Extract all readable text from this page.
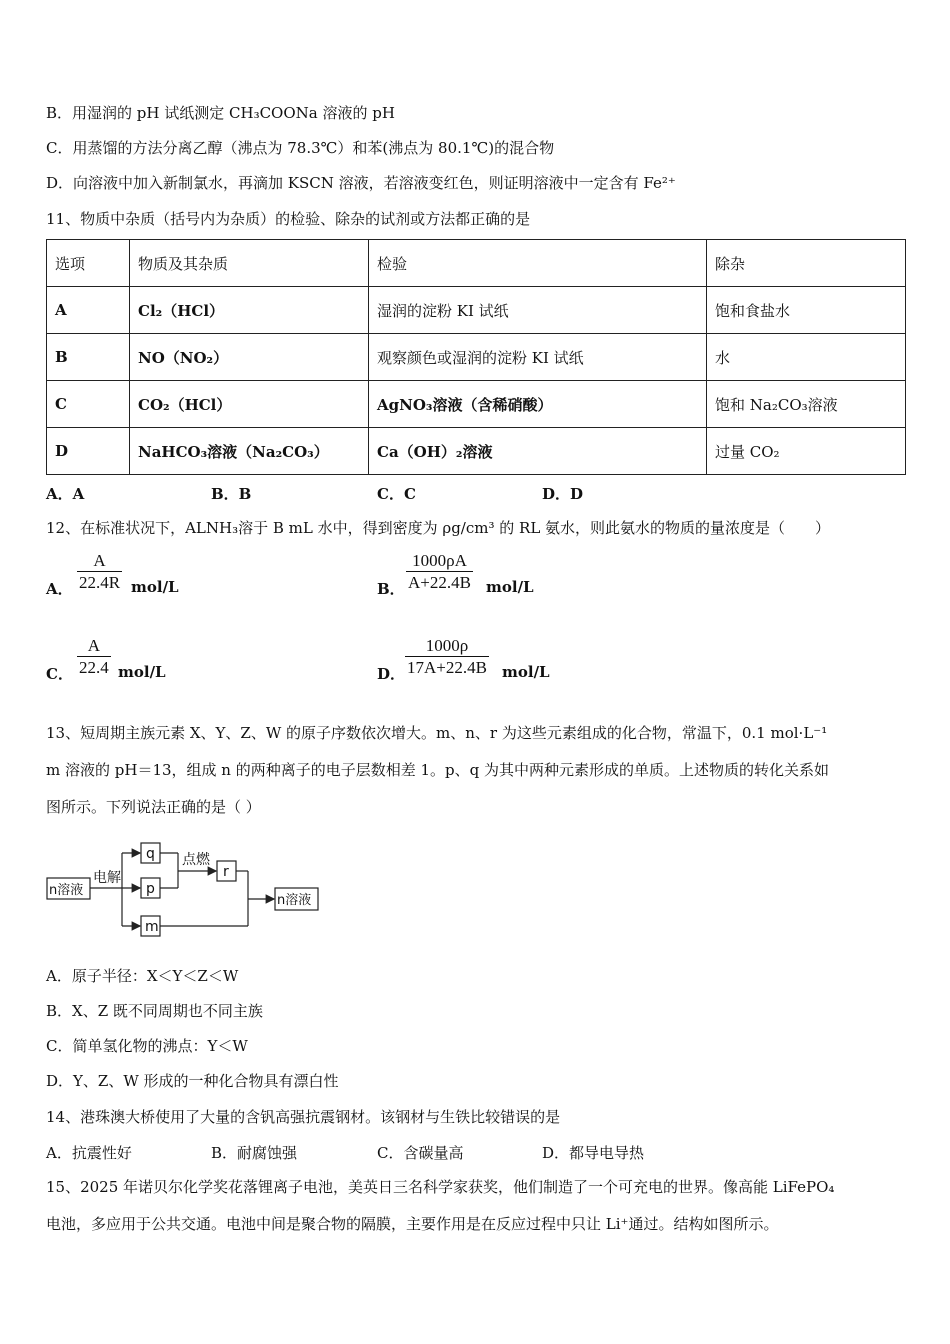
B．用湿润的 pH 试纸测定 CH₃COONa 溶液的 pH
C．用蒸馏的方法分离乙醇（沸点为 78.3℃）和苯(沸点为 80.1℃)的混合物
D．向溶液中加入新制氯水，再滴加 KSCN 溶液，若溶液变红色，则证明溶液中一定含有 Fe²⁺
11、物质中杂质（括号内为杂质）的检验、除杂的试剂或方法都正确的是
选项	物质及其杂质	检验	除杂
A	Cl₂（HCl）	湿润的淀粉 KI 试纸	饱和食盐水
B	NO（NO₂）	观察颜色或湿润的淀粉 KI 试纸	水
C	CO₂（HCl）	AgNO₃溶液（含稀硝酸）	饱和 Na₂CO₃溶液
D	NaHCO₃溶液（Na₂CO₃）	Ca（OH）₂溶液	过量 CO₂
A．A	B．B	C．C	D．D
12、在标准状况下，ALNH₃溶于 B mL 水中，得到密度为 ρg/cm³ 的 RL 氨水，则此氨水的物质的量浓度是（　　）
A． $\frac{A}{22.4R} mol/L$	B． $\frac{1000\rho A}{A+22.4B} mol/L$
C． $\frac{A}{22.4} mol/L$	D． $\frac{1000\rho}{17A+22.4B} mol/L$
13、短周期主族元素 X、Y、Z、W 的原子序数依次增大。m、n、r 为这些元素组成的化合物，常温下，0.1 mol·L⁻¹
m 溶液的 pH＝13，组成 n 的两种离子的电子层数相差 1。p、q 为其中两种元素形成的单质。上述物质的转化关系如
图所示。下列说法正确的是（ ）
n溶液
电解
q
p
m
点燃
r
n溶液
A．原子半径：X＜Y＜Z＜W
B．X、Z 既不同周期也不同主族
C．简单氢化物的沸点：Y＜W
D．Y、Z、W 形成的一种化合物具有漂白性
14、港珠澳大桥使用了大量的含钒高强抗震钢材。该钢材与生铁比较错误的是
A．抗震性好	B．耐腐蚀强	C．含碳量高	D．都导电导热
15、2025 年诺贝尔化学奖花落锂离子电池，美英日三名科学家获奖，他们制造了一个可充电的世界。像高能 LiFePO₄
电池，多应用于公共交通。电池中间是聚合物的隔膜，主要作用是在反应过程中只让 Li⁺通过。结构如图所示。
